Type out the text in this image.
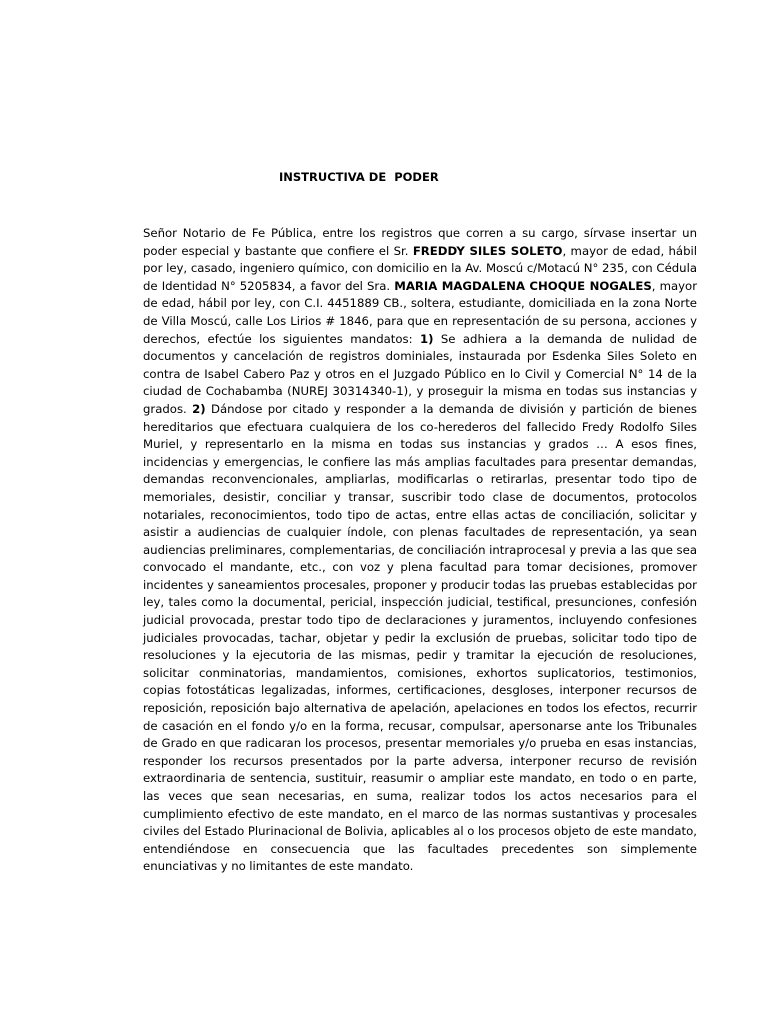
INSTRUCTIVA DE  PODER

Señor Notario de Fe Pública, entre los registros que corren a su cargo, sírvase insertar un poder especial y bastante que confiere el Sr. FREDDY SILES SOLETO, mayor de edad, hábil por ley, casado, ingeniero químico, con domicilio en la Av. Moscú c/Motacú N° 235, con Cédula de Identidad N° 5205834, a favor del Sra. MARIA MAGDALENA CHOQUE NOGALES, mayor de edad, hábil por ley, con C.I. 4451889 CB., soltera, estudiante, domiciliada en la zona Norte de Villa Moscú, calle Los Lirios # 1846, para que en representación de su persona, acciones y derechos, efectúe los siguientes mandatos: 1) Se adhiera a la demanda de nulidad de documentos y cancelación de registros dominiales, instaurada por Esdenka Siles Soleto en contra de Isabel Cabero Paz y otros en el Juzgado Público en lo Civil y Comercial N° 14 de la ciudad de Cochabamba (NUREJ 30314340-1), y proseguir la misma en todas sus instancias y grados. 2) Dándose por citado y responder a la demanda de división y partición de bienes hereditarios que efectuara cualquiera de los co-herederos del fallecido Fredy Rodolfo Siles Muriel, y representarlo en la misma en todas sus instancias y grados … A esos fines, incidencias y emergencias, le confiere las más amplias facultades para presentar demandas, demandas reconvencionales, ampliarlas, modificarlas o retirarlas, presentar todo tipo de memoriales, desistir, conciliar y transar, suscribir todo clase de documentos, protocolos notariales, reconocimientos, todo tipo de actas, entre ellas actas de conciliación, solicitar y asistir a audiencias de cualquier índole, con plenas facultades de representación, ya sean audiencias preliminares, complementarias, de conciliación intraprocesal y previa a las que sea convocado el mandante, etc., con voz y plena facultad para tomar decisiones, promover incidentes y saneamientos procesales, proponer y producir todas las pruebas establecidas por ley, tales como la documental, pericial, inspección judicial, testifical, presunciones, confesión judicial provocada, prestar todo tipo de declaraciones y juramentos, incluyendo confesiones judiciales provocadas, tachar, objetar y pedir la exclusión de pruebas, solicitar todo tipo de resoluciones y la ejecutoria de las mismas, pedir y tramitar la ejecución de resoluciones, solicitar conminatorias, mandamientos, comisiones, exhortos suplicatorios, testimonios, copias fotostáticas legalizadas, informes, certificaciones, desgloses, interponer recursos de reposición, reposición bajo alternativa de apelación, apelaciones en todos los efectos, recurrir de casación en el fondo y/o en la forma, recusar, compulsar, apersonarse ante los Tribunales de Grado en que radicaran los procesos, presentar memoriales y/o prueba en esas instancias, responder los recursos presentados por la parte adversa, interponer recurso de revisión extraordinaria de sentencia, sustituir, reasumir o ampliar este mandato, en todo o en parte, las veces que sean necesarias, en suma, realizar todos los actos necesarios para el cumplimiento efectivo de este mandato, en el marco de las normas sustantivas y procesales civiles del Estado Plurinacional de Bolivia, aplicables al o los procesos objeto de este mandato, entendiéndose en consecuencia que las facultades precedentes son simplemente enunciativas y no limitantes de este mandato.
